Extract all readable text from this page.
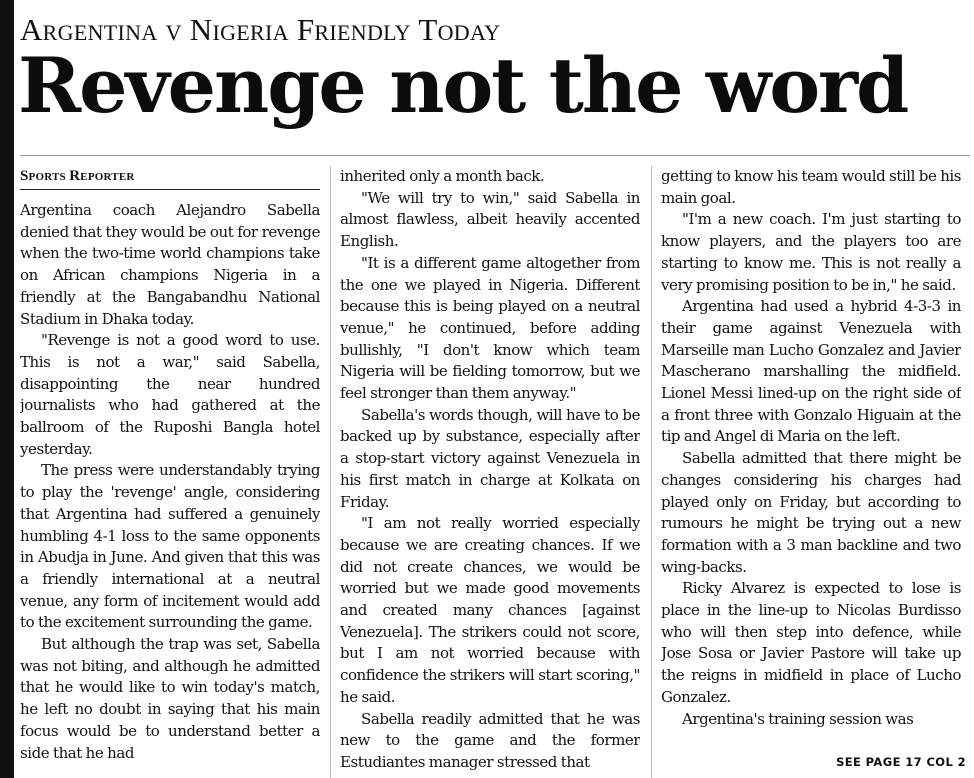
Argentina v Nigeria Friendly Today
Revenge not the word
Sports Reporter

Argentina coach Alejandro Sabella denied that they would be out for revenge when the two-time world champions take on African champions Nigeria in a friendly at the Bangabandhu National Stadium in Dhaka today.

"Revenge is not a good word to use. This is not a war," said Sabella, disappointing the near hundred journalists who had gathered at the ballroom of the Ruposhi Bangla hotel yesterday.

The press were understandably trying to play the 'revenge' angle, considering that Argentina had suffered a genuinely humbling 4-1 loss to the same opponents in Abudja in June. And given that this was a friendly international at a neutral venue, any form of incitement would add to the excitement surrounding the game.

But although the trap was set, Sabella was not biting, and although he admitted that he would like to win today's match, he left no doubt in saying that his main focus would be to understand better a side that he had

inherited only a month back.

"We will try to win," said Sabella in almost flawless, albeit heavily accented English.

"It is a different game altogether from the one we played in Nigeria. Different because this is being played on a neutral venue," he continued, before adding bullishly, "I don't know which team Nigeria will be fielding tomorrow, but we feel stronger than them anyway."

Sabella's words though, will have to be backed up by substance, especially after a stop-start victory against Venezuela in his first match in charge at Kolkata on Friday.

"I am not really worried especially because we are creating chances. If we did not create chances, we would be worried but we made good movements and created many chances [against Venezuela]. The strikers could not score, but I am not worried because with confidence the strikers will start scoring," he said.

Sabella readily admitted that he was new to the game and the former Estudiantes manager stressed that

getting to know his team would still be his main goal.

"I'm a new coach. I'm just starting to know players, and the players too are starting to know me. This is not really a very promising position to be in," he said.

Argentina had used a hybrid 4-3-3 in their game against Venezuela with Marseille man Lucho Gonzalez and Javier Mascherano marshalling the midfield. Lionel Messi lined-up on the right side of a front three with Gonzalo Higuain at the tip and Angel di Maria on the left.

Sabella admitted that there might be changes considering his charges had played only on Friday, but according to rumours he might be trying out a new formation with a 3 man backline and two wing-backs.

Ricky Alvarez is expected to lose is place in the line-up to Nicolas Burdisso who will then step into defence, while Jose Sosa or Javier Pastore will take up the reigns in midfield in place of Lucho Gonzalez.

Argentina's training session was

SEE PAGE 17 COL 2
